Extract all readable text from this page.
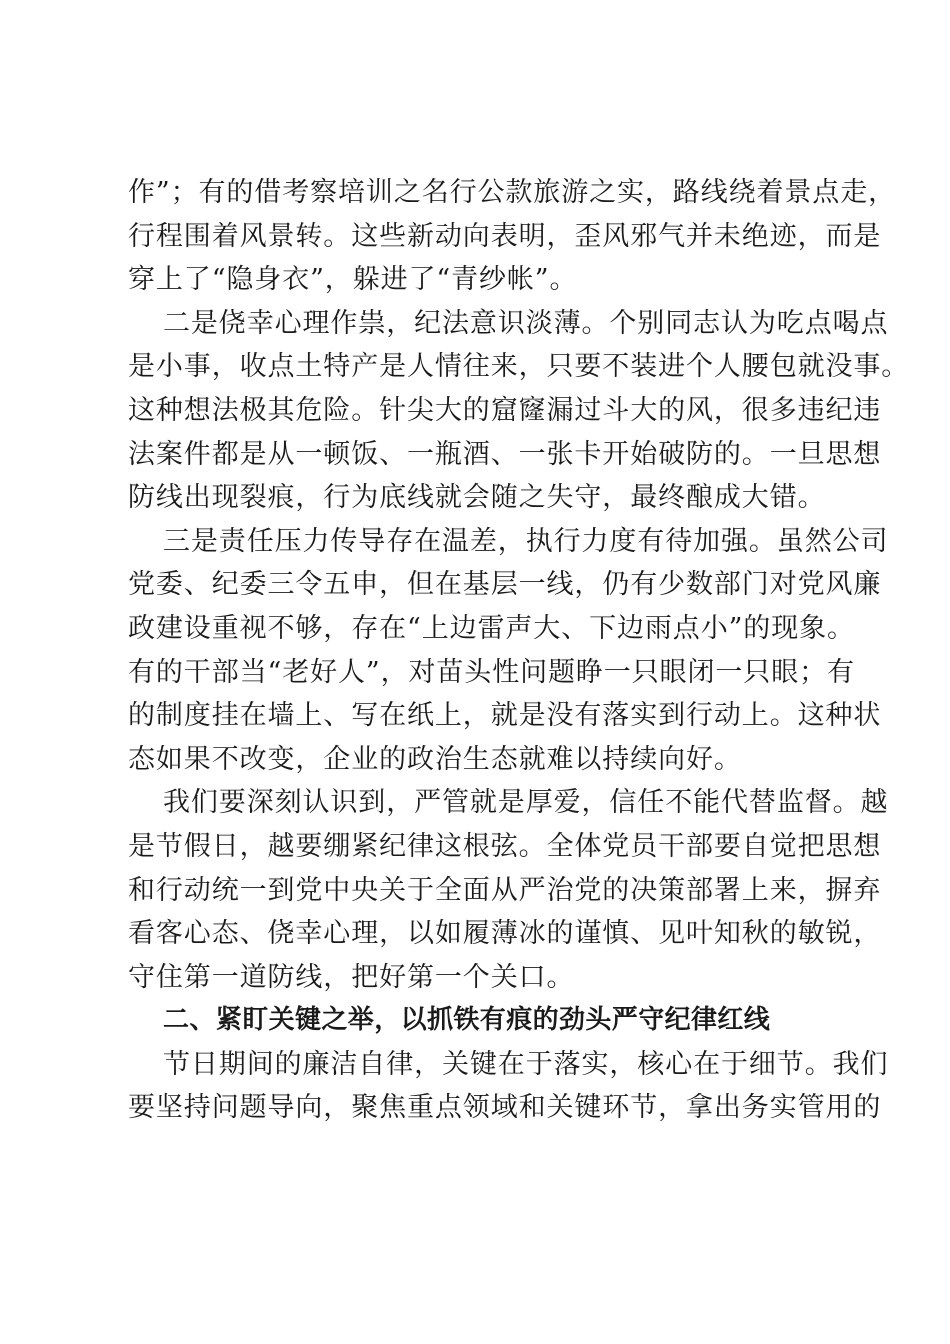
作”；有的借考察培训之名行公款旅游之实，路线绕着景点走，
行程围着风景转。这些新动向表明，歪风邪气并未绝迹，而是
穿上了“隐身衣”，躲进了“青纱帐”。
二是侥幸心理作祟，纪法意识淡薄。个别同志认为吃点喝点
是小事，收点土特产是人情往来，只要不装进个人腰包就没事。
这种想法极其危险。针尖大的窟窿漏过斗大的风，很多违纪违
法案件都是从一顿饭、一瓶酒、一张卡开始破防的。一旦思想
防线出现裂痕，行为底线就会随之失守，最终酿成大错。
三是责任压力传导存在温差，执行力度有待加强。虽然公司
党委、纪委三令五申，但在基层一线，仍有少数部门对党风廉
政建设重视不够，存在“上边雷声大、下边雨点小”的现象。
有的干部当“老好人”，对苗头性问题睁一只眼闭一只眼；有
的制度挂在墙上、写在纸上，就是没有落实到行动上。这种状
态如果不改变，企业的政治生态就难以持续向好。
我们要深刻认识到，严管就是厚爱，信任不能代替监督。越
是节假日，越要绷紧纪律这根弦。全体党员干部要自觉把思想
和行动统一到党中央关于全面从严治党的决策部署上来，摒弃
看客心态、侥幸心理，以如履薄冰的谨慎、见叶知秋的敏锐，
守住第一道防线，把好第一个关口。
二、紧盯关键之举，以抓铁有痕的劲头严守纪律红线
节日期间的廉洁自律，关键在于落实，核心在于细节。我们
要坚持问题导向，聚焦重点领域和关键环节，拿出务实管用的
